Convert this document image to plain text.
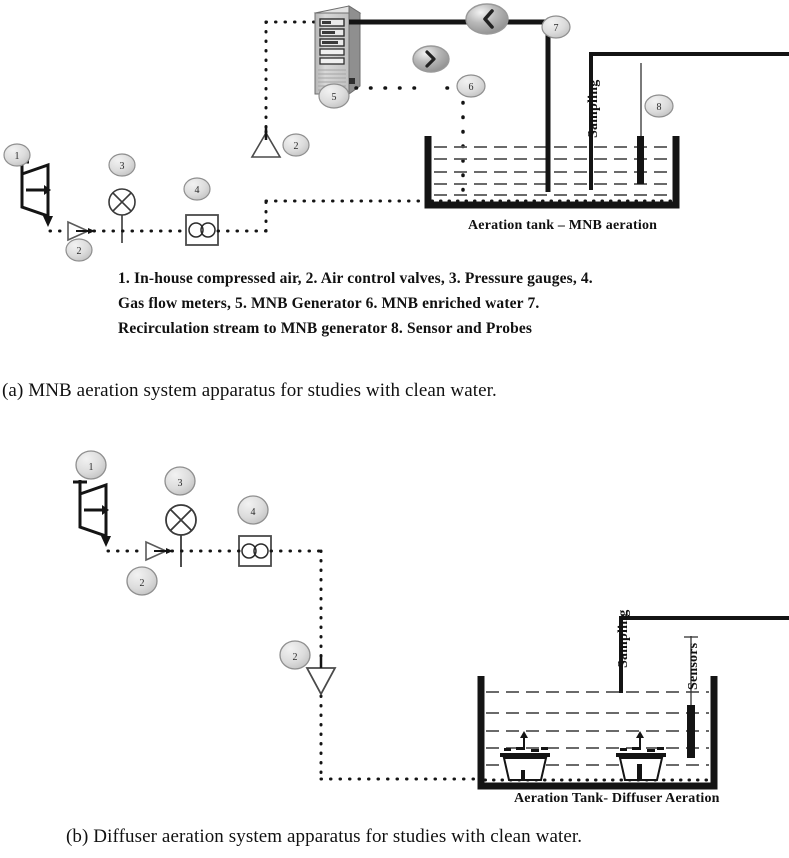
1
2
3
4
2
5
6
7
8
Sampling
Aeration tank – MNB aeration

1. In-house compressed air, 2. Air control valves, 3. Pressure gauges, 4.

Gas flow meters, 5. MNB Generator 6. MNB enriched water 7.

Recirculation stream to MNB generator 8. Sensor and Probes

(a) MNB aeration system apparatus for studies with clean water.
1
3
4
2
2	Sampling	Sensors
Aeration Tank- Diffuser Aeration
(b) Diffuser aeration system apparatus for studies with clean water.
